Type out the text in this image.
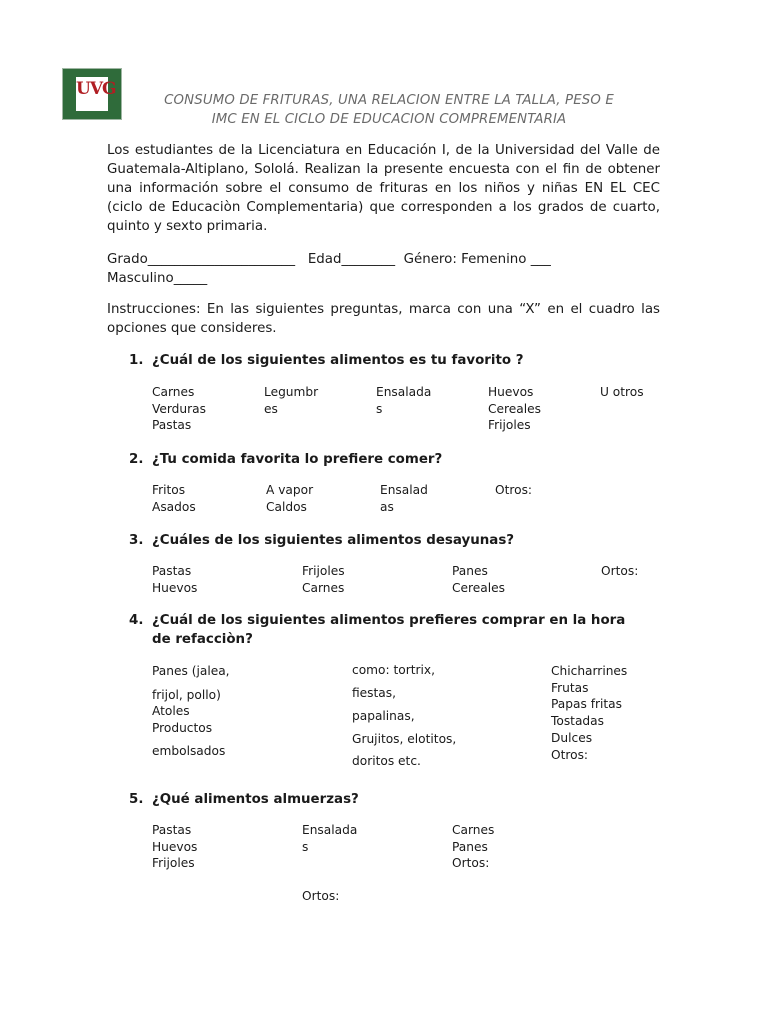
UVG
CONSUMO DE FRITURAS, UNA RELACION ENTRE LA TALLA, PESO E
IMC EN EL CICLO DE EDUCACION COMPREMENTARIA
Los estudiantes de la Licenciatura en Educación I, de la Universidad del Valle de Guatemala-Altiplano, Sololá. Realizan la presente encuesta con el fin de obtener una información sobre el consumo de frituras en los niños y niñas EN EL CEC (ciclo de Educaciòn Complementaria) que corresponden a los grados de cuarto, quinto y sexto primaria.
Grado______________________   Edad________  Género: Femenino ___
Masculino_____
Instrucciones: En las siguientes preguntas, marca con una “X” en el cuadro las opciones que consideres.
1. ¿Cuál de los siguientes alimentos es tu favorito ?
Carnes
Verduras
Pastas
Legumbr
es
Ensalada
s
Huevos
Cereales
Frijoles
U otros
2. ¿Tu comida favorita lo prefiere comer?
Fritos
Asados
A vapor
Caldos
Ensalad
as
Otros:
3. ¿Cuáles de los siguientes alimentos desayunas?
Pastas
Huevos
Frijoles
Carnes
Panes
Cereales
Ortos:
4. ¿Cuál de los siguientes alimentos prefieres comprar en la hora
de refacciòn?
Panes (jalea,
frijol, pollo)
Atoles
Productos
embolsados
como: tortrix,
fiestas,
papalinas,
Grujitos, elotitos,
doritos etc.
Chicharrines
Frutas
Papas fritas
Tostadas
Dulces
Otros:
5. ¿Qué alimentos almuerzas?
Pastas
Huevos
Frijoles
Ensalada
s
Carnes
Panes
Ortos:
Ortos:
